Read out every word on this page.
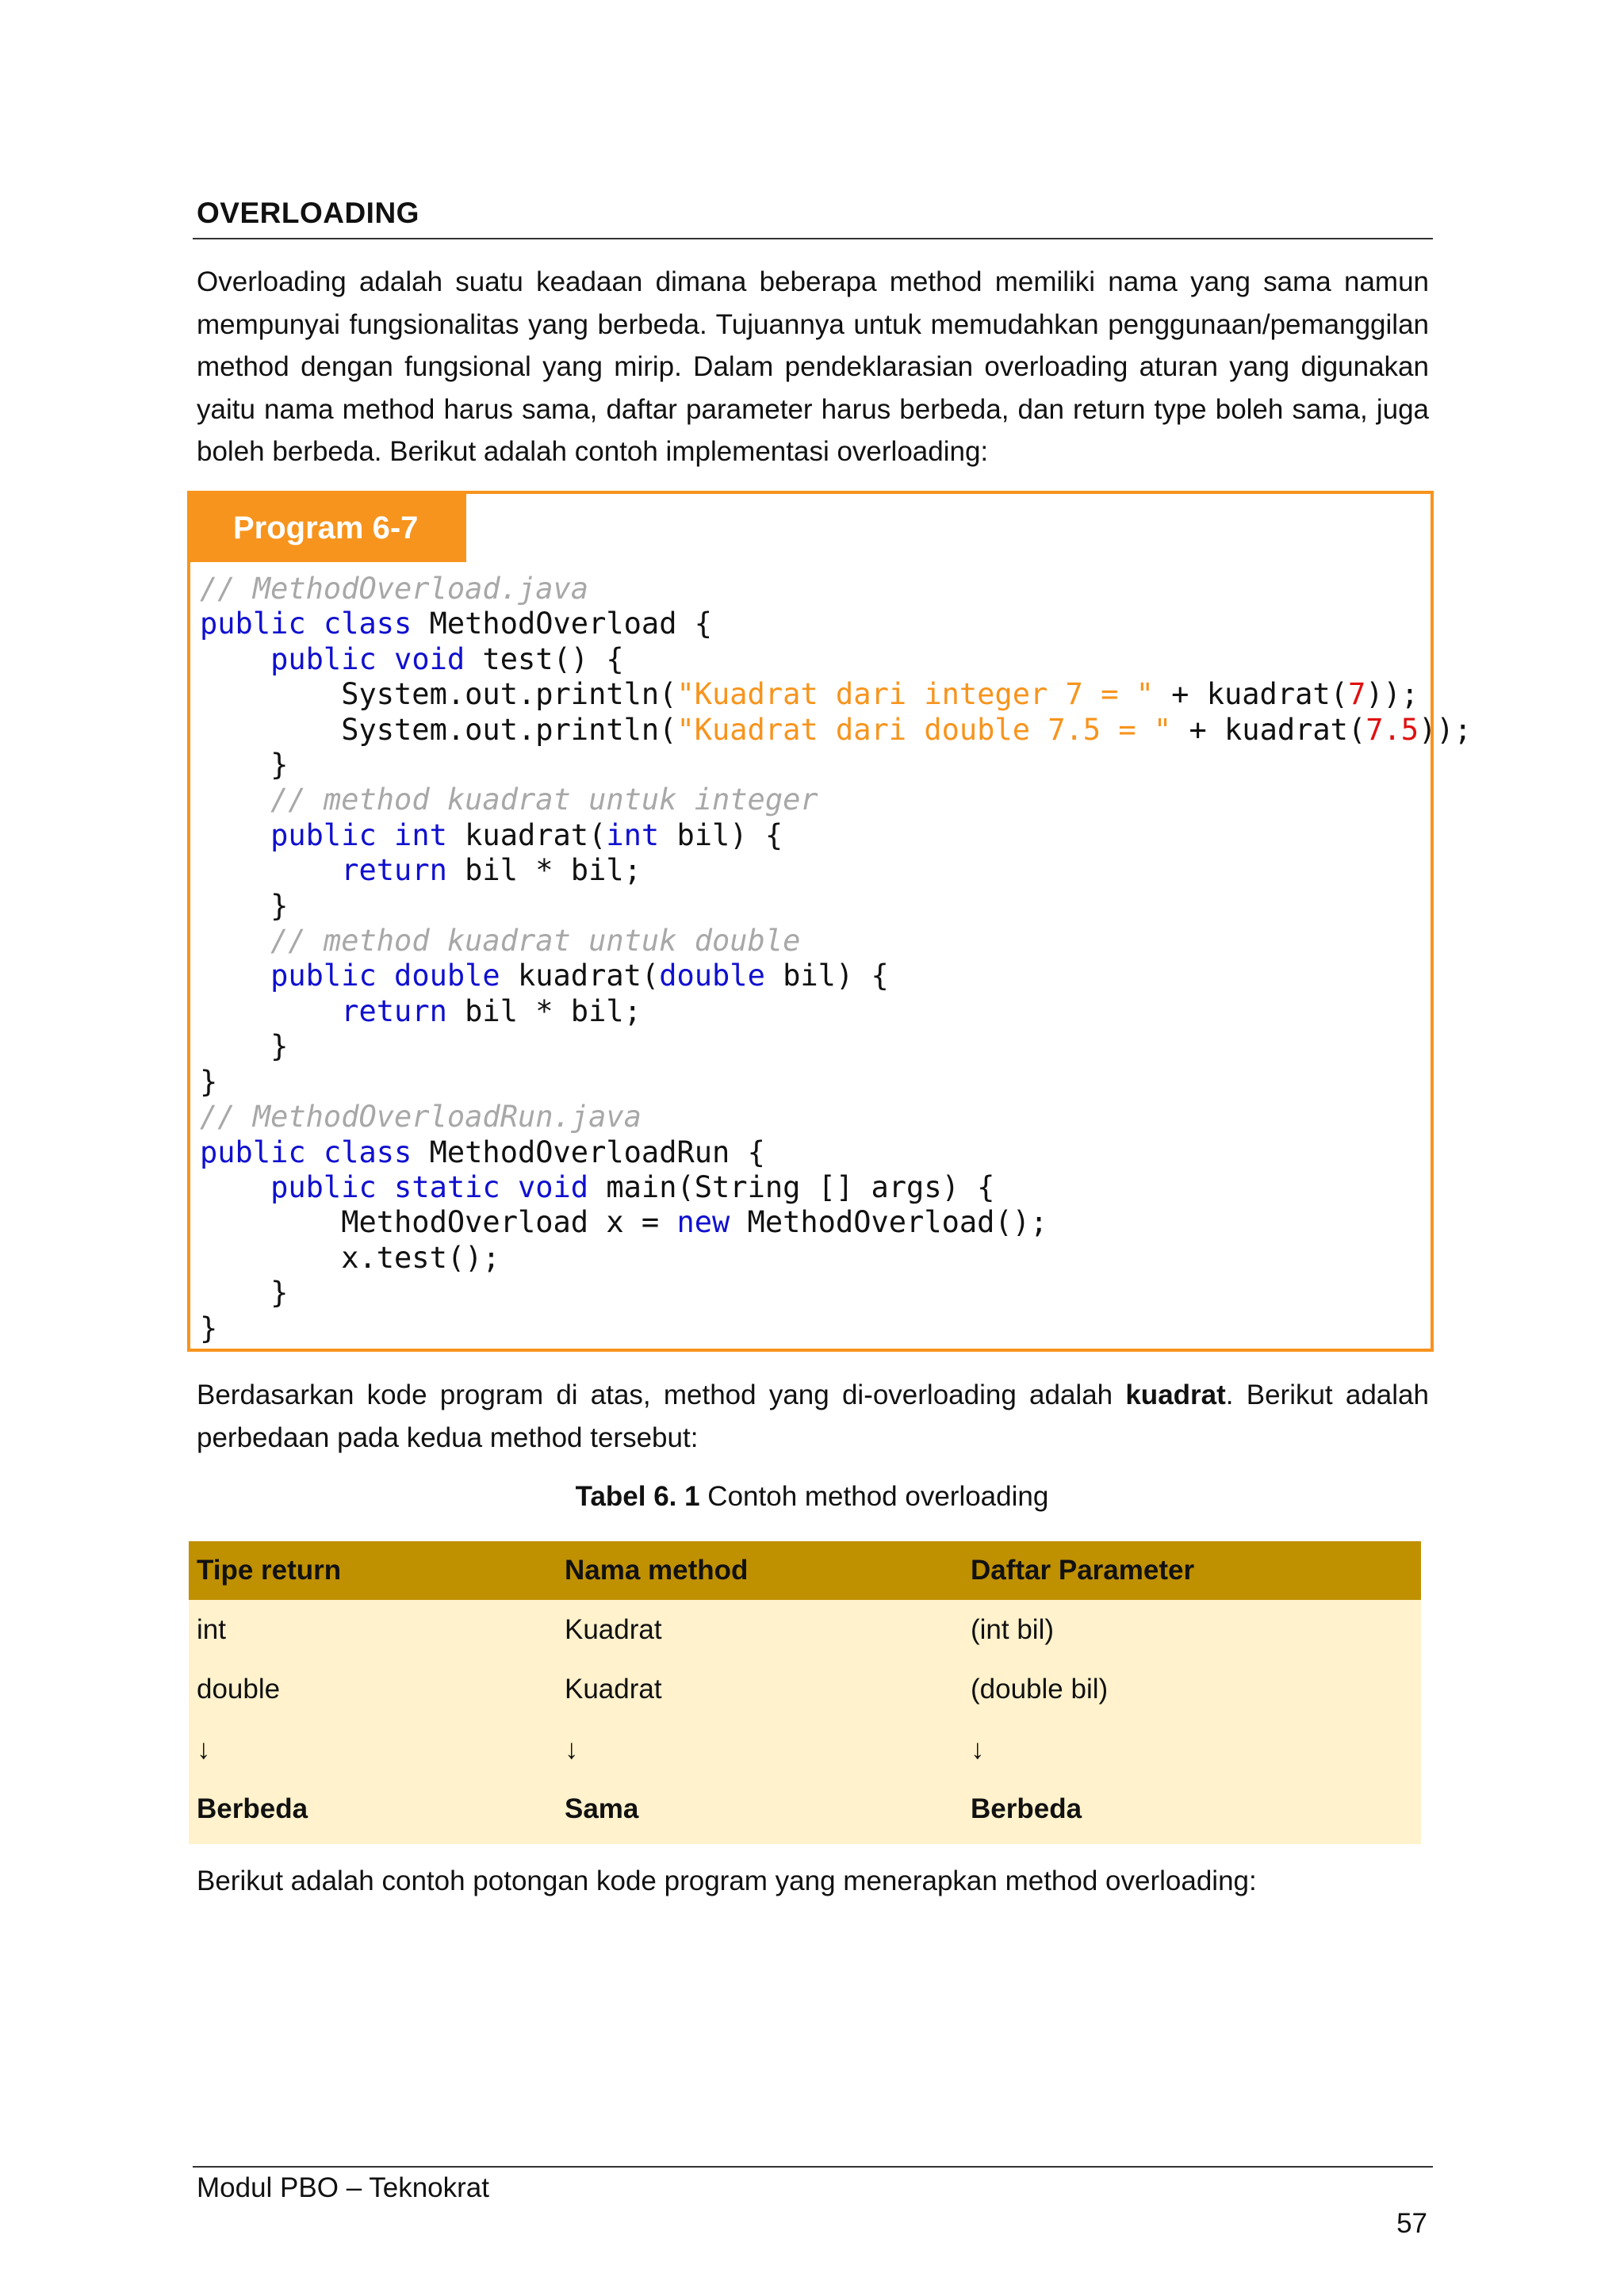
OVERLOADING
Overloading adalah suatu keadaan dimana beberapa method memiliki nama yang sama namun
mempunyai fungsionalitas yang berbeda. Tujuannya untuk memudahkan penggunaan/pemanggilan
method dengan fungsional yang mirip. Dalam pendeklarasian overloading aturan yang digunakan
yaitu nama method harus sama, daftar parameter harus berbeda, dan return type boleh sama, juga
boleh berbeda. Berikut adalah contoh implementasi overloading:
Program 6-7
// MethodOverload.java
public class MethodOverload {
public void test() {
System.out.println("Kuadrat dari integer 7 = " + kuadrat(7));
System.out.println("Kuadrat dari double 7.5 = " + kuadrat(7.5));
}
// method kuadrat untuk integer
public int kuadrat(int bil) {
return bil * bil;
}
// method kuadrat untuk double
public double kuadrat(double bil) {
return bil * bil;
}
}
// MethodOverloadRun.java
public class MethodOverloadRun {
public static void main(String [] args) {
MethodOverload x = new MethodOverload();
x.test();
}
}
Berdasarkan kode program di atas, method yang di-overloading adalah kuadrat. Berikut adalah
perbedaan pada kedua method tersebut:
Tabel 6. 1 Contoh method overloading
Tipe return	Nama method	Daftar Parameter
int	Kuadrat	(int bil)
double	Kuadrat	(double bil)
↓	↓	↓
Berbeda	Sama	Berbeda
Berikut adalah contoh potongan kode program yang menerapkan method overloading:
Modul PBO – Teknokrat
57
